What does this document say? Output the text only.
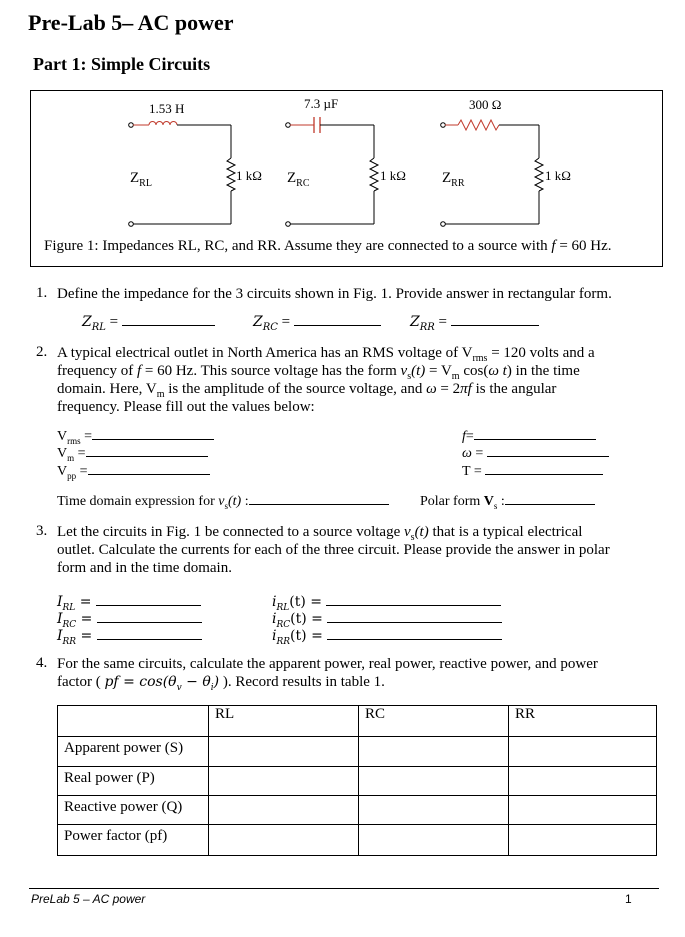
Pre-Lab 5– AC power
Part 1: Simple Circuits
1.53 H	7.3 µF	300 Ω
1 kΩ	1 kΩ	1 kΩ
$Z_{RL}$	$Z_{RC}$	$Z_{RR}$
Figure 1: Impedances RL, RC, and RR. Assume they are connected to a source with f = 60 Hz.
1. Define the impedance for the 3 circuits shown in Fig. 1. Provide answer in rectangular form.
$Z_{RL}$ =	$Z_{RC}$ =	$Z_{RR}$ =
2. A typical electrical outlet in North America has an RMS voltage of $V_{rms} = 120$ volts and a
frequency of f = 60 Hz. This source voltage has the form $v_s(t) = V_m$ cos(ω t) in the time
domain. Here, $V_m$ is the amplitude of the source voltage, and ω = 2πf is the angular
frequency. Please fill out the values below:
$V_{rms}$ =
$V_m$ =
$V_{pp}$ =
f=
ω =
T =
Time domain expression for $v_s(t)$ :	Polar form $V_s$ :
3. Let the circuits in Fig. 1 be connected to a source voltage $v_s(t)$ that is a typical electrical
outlet. Calculate the currents for each of the three circuit. Please provide the answer in polar
form and in the time domain.
$I_{RL}$ =
$I_{RC}$ =
$I_{RR}$ =
$i_{RL}(t)$ =
$i_{RC}(t)$ =
$i_{RR}(t)$ =
4. For the same circuits, calculate the apparent power, real power, reactive power, and power
factor ( pf = $\cos(\theta_v - \theta_i)$ ). Record results in table 1.
	RL	RC	RR
Apparent power (S)			
Real power (P)			
Reactive power (Q)			
Power factor (pf)			
PreLab 5 – AC power	1
